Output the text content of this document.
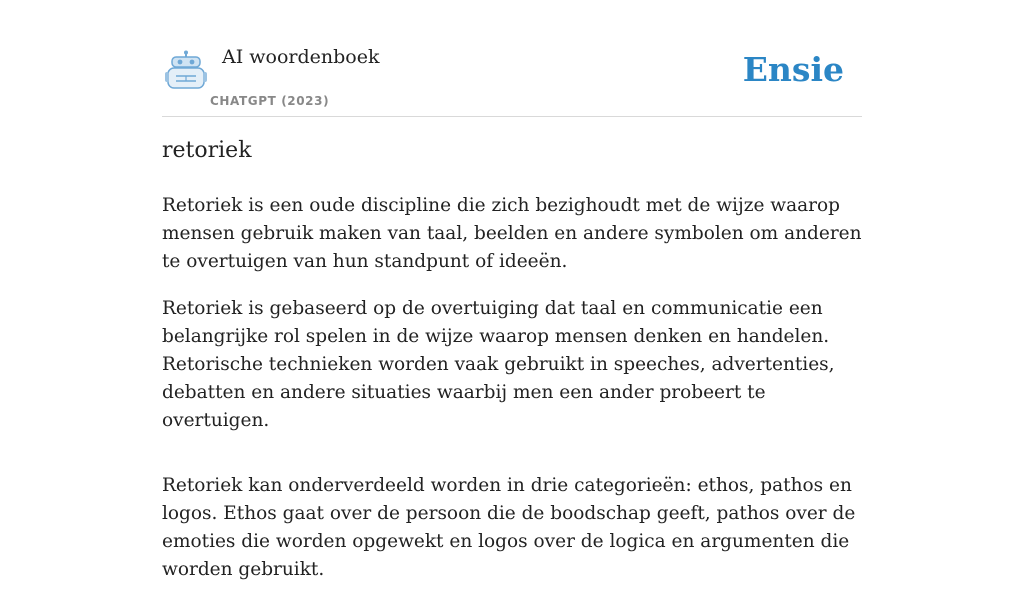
AI woordenboek
CHATGPT (2023)
Ensie
retoriek

Retoriek is een oude discipline die zich bezighoudt met de wijze waarop mensen gebruik maken van taal, beelden en andere symbolen om anderen te overtuigen van hun standpunt of ideeën.

Retoriek is gebaseerd op de overtuiging dat taal en communicatie een belangrijke rol spelen in de wijze waarop mensen denken en handelen. Retorische technieken worden vaak gebruikt in speeches, advertenties, debatten en andere situaties waarbij men een ander probeert te overtuigen.

Retoriek kan onderverdeeld worden in drie categorieën: ethos, pathos en logos. Ethos gaat over de persoon die de boodschap geeft, pathos over de emoties die worden opgewekt en logos over de logica en argumenten die worden gebruikt.
